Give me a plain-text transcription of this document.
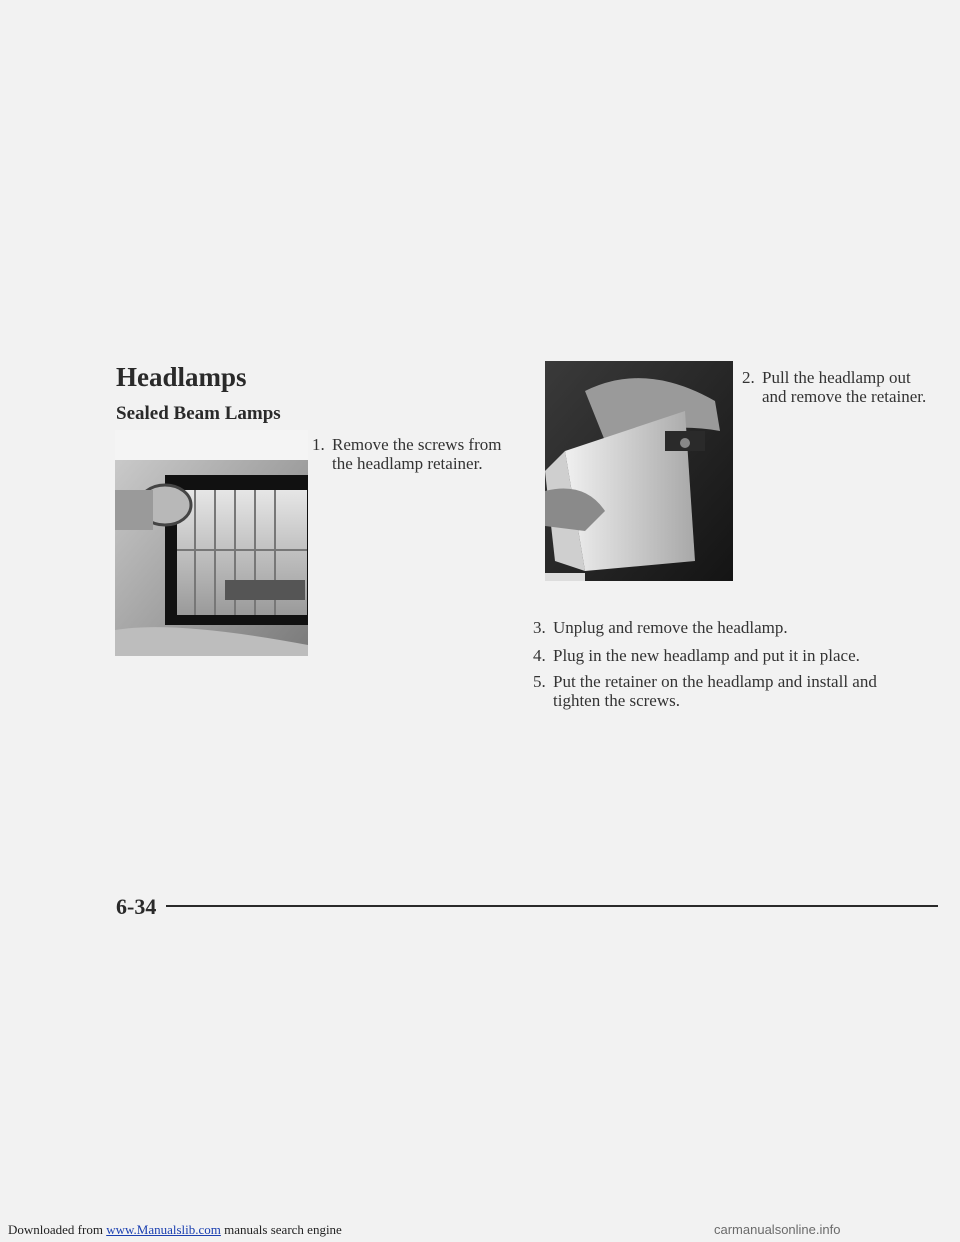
Headlamps
Sealed Beam Lamps
1. Remove the screws from
the headlamp retainer.
2. Pull the headlamp out
and remove the retainer.
3. Unplug and remove the headlamp.
4. Plug in the new headlamp and put it in place.
5. Put the retainer on the headlamp and install and
tighten the screws.
6-34
Downloaded from www.Manualslib.com manuals search engine	carmanualsonline.info
